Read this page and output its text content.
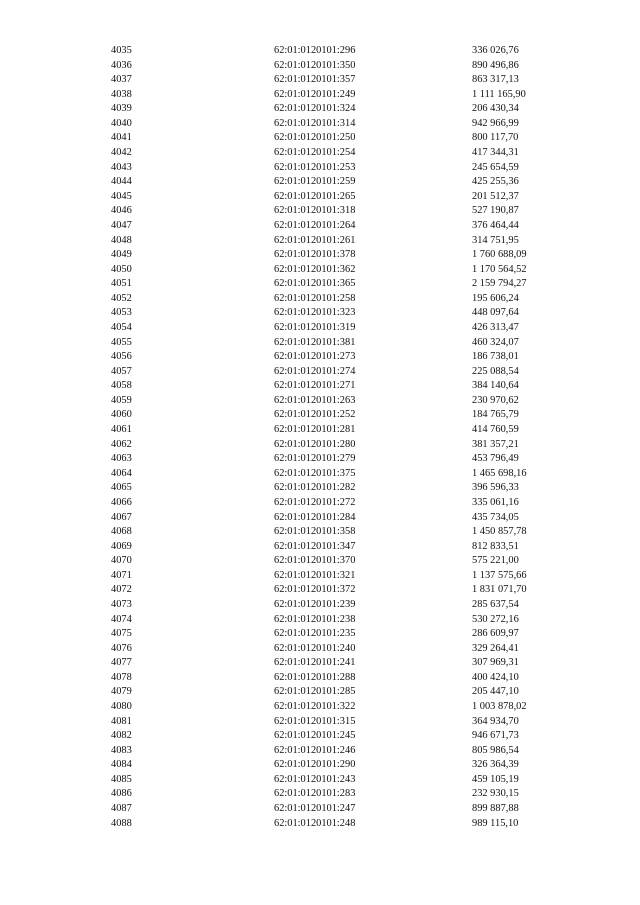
4035	62:01:0120101:296	336 026,76
4036	62:01:0120101:350	890 496,86
4037	62:01:0120101:357	863 317,13
4038	62:01:0120101:249	1 111 165,90
4039	62:01:0120101:324	206 430,34
4040	62:01:0120101:314	942 966,99
4041	62:01:0120101:250	800 117,70
4042	62:01:0120101:254	417 344,31
4043	62:01:0120101:253	245 654,59
4044	62:01:0120101:259	425 255,36
4045	62:01:0120101:265	201 512,37
4046	62:01:0120101:318	527 190,87
4047	62:01:0120101:264	376 464,44
4048	62:01:0120101:261	314 751,95
4049	62:01:0120101:378	1 760 688,09
4050	62:01:0120101:362	1 170 564,52
4051	62:01:0120101:365	2 159 794,27
4052	62:01:0120101:258	195 606,24
4053	62:01:0120101:323	448 097,64
4054	62:01:0120101:319	426 313,47
4055	62:01:0120101:381	460 324,07
4056	62:01:0120101:273	186 738,01
4057	62:01:0120101:274	225 088,54
4058	62:01:0120101:271	384 140,64
4059	62:01:0120101:263	230 970,62
4060	62:01:0120101:252	184 765,79
4061	62:01:0120101:281	414 760,59
4062	62:01:0120101:280	381 357,21
4063	62:01:0120101:279	453 796,49
4064	62:01:0120101:375	1 465 698,16
4065	62:01:0120101:282	396 596,33
4066	62:01:0120101:272	335 061,16
4067	62:01:0120101:284	435 734,05
4068	62:01:0120101:358	1 450 857,78
4069	62:01:0120101:347	812 833,51
4070	62:01:0120101:370	575 221,00
4071	62:01:0120101:321	1 137 575,66
4072	62:01:0120101:372	1 831 071,70
4073	62:01:0120101:239	285 637,54
4074	62:01:0120101:238	530 272,16
4075	62:01:0120101:235	286 609,97
4076	62:01:0120101:240	329 264,41
4077	62:01:0120101:241	307 969,31
4078	62:01:0120101:288	400 424,10
4079	62:01:0120101:285	205 447,10
4080	62:01:0120101:322	1 003 878,02
4081	62:01:0120101:315	364 934,70
4082	62:01:0120101:245	946 671,73
4083	62:01:0120101:246	805 986,54
4084	62:01:0120101:290	326 364,39
4085	62:01:0120101:243	459 105,19
4086	62:01:0120101:283	232 930,15
4087	62:01:0120101:247	899 887,88
4088	62:01:0120101:248	989 115,10
